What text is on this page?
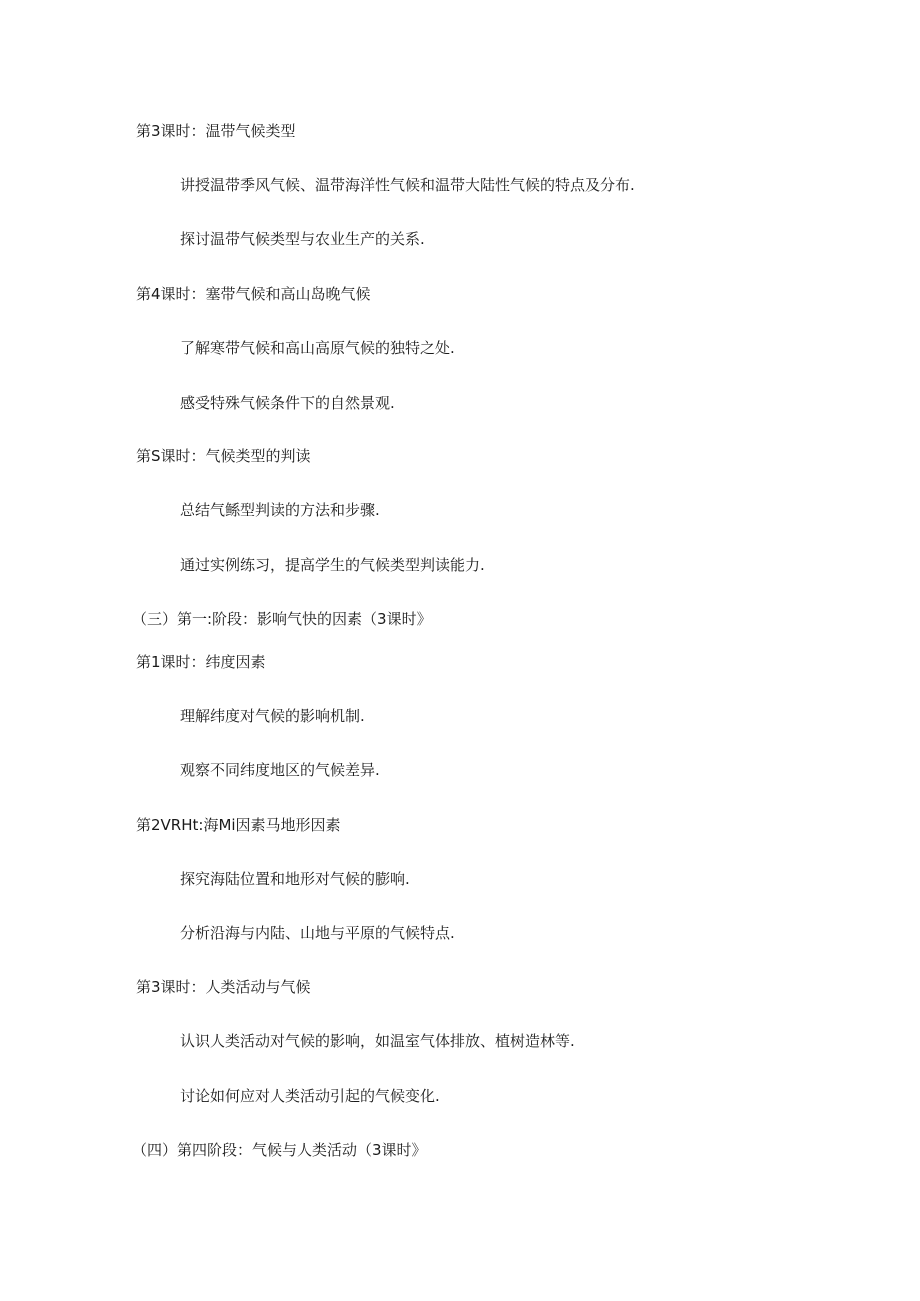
第3课时：温带气候类型
讲授温带季风气候、温带海洋性气候和温带大陆性气候的特点及分布.
探讨温带气候类型与农业生产的关系.
第4课时：塞带气候和高山岛晚气候
了解寒带气候和高山高原气候的独特之处.
感受特殊气候条件下的自然景观.
第S课时：气候类型的判读
总结气鲧型判读的方法和步骤.
通过实例练习，提高学生的气候类型判读能力.
（三）第一:阶段：影响气快的因素（3课时》
第1课时：纬度因素
理解纬度对气候的影响机制.
观察不同纬度地区的气候差异.
第2VRHt:海Mi因素马地形因素
探究海陆位置和地形对气候的膨响.
分析沿海与内陆、山地与平原的气候特点.
第3课时：人类活动与气候
认识人类活动对气候的影响，如温室气体排放、植树造林等.
讨论如何应对人类活动引起的气候变化.
（四）第四阶段：气候与人类活动（3课时》
